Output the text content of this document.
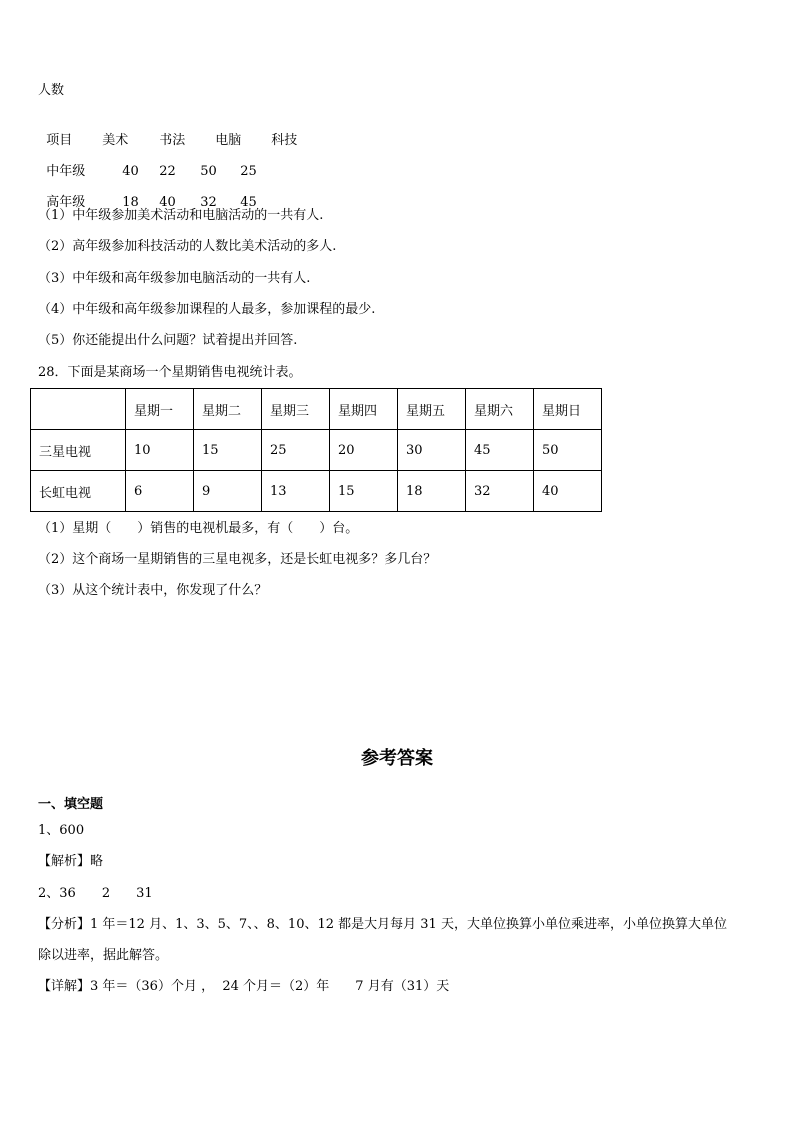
人数

项目 美术 书法 电脑 科技

中年级	40 22 50 25

高年级	18 40 32 45

（1）中年级参加美术活动和电脑活动的一共有人.
（2）高年级参加科技活动的人数比美术活动的多人.
（3）中年级和高年级参加电脑活动的一共有人.
（4）中年级和高年级参加课程的人最多，参加课程的最少.
（5）你还能提出什么问题？试着提出并回答.
28．下面是某商场一个星期销售电视统计表。
	星期一	星期二	星期三	星期四	星期五	星期六	星期日
三星电视	10	15	25	20	30	45	50
长虹电视	6	9	13	15	18	32	40
（1）星期（　　）销售的电视机最多，有（　　）台。
（2）这个商场一星期销售的三星电视多，还是长虹电视多？多几台？
（3）从这个统计表中，你发现了什么？
参考答案
一、填空题
1、600
【解析】略
2、36　　2　　31
【分析】1 年＝12 月、1、3、5、7、、8、10、12 都是大月每月 31 天，大单位换算小单位乘进率，小单位换算大单位
除以进率，据此解答。
【详解】3 年＝（36）个月 ，  24 个月＝（2）年　　7 月有（31）天
